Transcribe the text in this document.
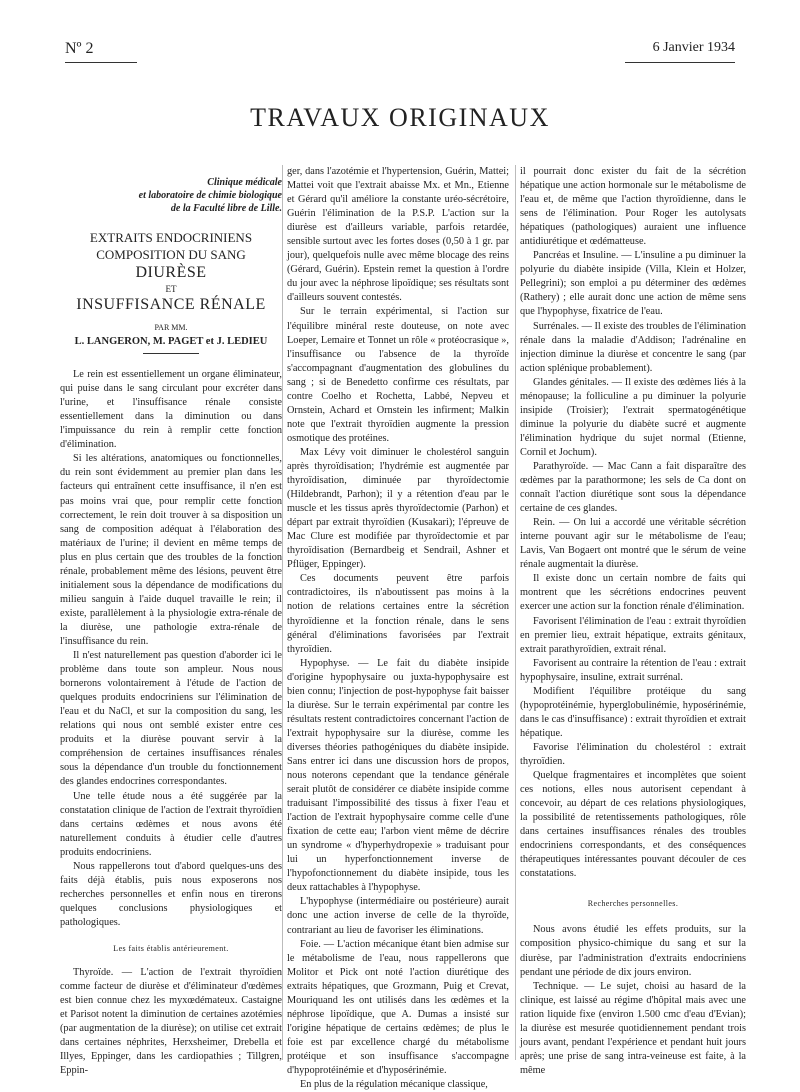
Nº 2	6 Janvier 1934
TRAVAUX ORIGINAUX

Clinique médicale
et laboratoire de chimie biologique
de la Faculté libre de Lille.

EXTRAITS ENDOCRINIENS

COMPOSITION DU SANG

DIURÈSE

ET

INSUFFISANCE RÉNALE

PAR MM.

L. LANGERON, M. PAGET et J. LEDIEU

Le rein est essentiellement un organe éliminateur, qui puise dans le sang circulant pour excréter dans l'urine, et l'insuffisance rénale consiste essentiellement dans la diminution ou dans l'impuissance du rein à remplir cette fonction d'élimination.

Si les altérations, anatomiques ou fonctionnelles, du rein sont évidemment au premier plan dans les facteurs qui entraînent cette insuffisance, il n'en est pas moins vrai que, pour remplir cette fonction correctement, le rein doit trouver à sa disposition un sang de composition adéquat à l'élaboration des matériaux de l'urine; il devient en même temps de plus en plus certain que des troubles de la fonction rénale, probablement même des lésions, peuvent être initialement sous la dépendance de modifications du milieu sanguin à l'aide duquel travaille le rein; il existe, parallèlement à la physiologie extra-rénale de la diurèse, une pathologie extra-rénale de l'insuffisance du rein.

Il n'est naturellement pas question d'aborder ici le problème dans toute son ampleur. Nous nous bornerons volontairement à l'étude de l'action de quelques produits endocriniens sur l'élimination de l'eau et du NaCl, et sur la composition du sang, les relations qui nous ont semblé exister entre ces produits et la diurèse pouvant servir à la compréhension de certaines insuffisances rénales sous la dépendance d'un trouble du fonctionnement des glandes endocrines correspondantes.

Une telle étude nous a été suggérée par la constatation clinique de l'action de l'extrait thyroïdien dans certains œdèmes et nous avons été naturellement conduits à étudier celle d'autres produits endocriniens.

Nous rappellerons tout d'abord quelques-uns des faits déjà établis, puis nous exposerons nos recherches personnelles et enfin nous en tirerons quelques conclusions physiologiques et pathologiques.

Les faits établis antérieurement.

Thyroïde. — L'action de l'extrait thyroïdien comme facteur de diurèse et d'éliminateur d'œdèmes est bien connue chez les myxœdémateux. Castaigne et Parisot notent la diminution de certaines azotémies (par augmentation de la diurèse); on utilise cet extrait dans certaines néphrites, Herxsheimer, Drebella et Illyes, Eppinger, dans les cardiopathies ; Tillgren, Eppin-

ger, dans l'azotémie et l'hypertension, Guérin, Mattei; Mattei voit que l'extrait abaisse Mx. et Mn., Etienne et Gérard qu'il améliore la constante uréo-sécrétoire, Guérin l'élimination de la P.S.P. L'action sur la diurèse est d'ailleurs variable, parfois retardée, sensible surtout avec les fortes doses (0,50 à 1 gr. par jour), quelquefois nulle avec même blocage des reins (Gérard, Guérin). Epstein remet la question à l'ordre du jour avec la néphrose lipoïdique; ses résultats sont d'ailleurs souvent contestés.

Sur le terrain expérimental, si l'action sur l'équilibre minéral reste douteuse, on note avec Loeper, Lemaire et Tonnet un rôle « protéocrasique », l'insuffisance ou l'absence de la thyroïde s'accompagnant d'augmentation des globulines du sang ; si de Benedetto confirme ces résultats, par contre Coelho et Rochetta, Labbé, Nepveu et Ornstein, Achard et Ornstein les infirment; Malkin note que l'extrait thyroïdien augmente la pression osmotique des protéines.

Max Lévy voit diminuer le cholestérol sanguin après thyroïdisation; l'hydrémie est augmentée par thyroïdisation, diminuée par thyroïdectomie (Hildebrandt, Parhon); il y a rétention d'eau par le muscle et les tissus après thyroïdectomie (Parhon) et départ par extrait thyroïdien (Kusakari); l'épreuve de Mac Clure est modifiée par thyroïdectomie et par thyroïdisation (Bernardbeig et Sendrail, Ashner et Pflüger, Eppinger).

Ces documents peuvent être parfois contradictoires, ils n'aboutissent pas moins à la notion de relations certaines entre la sécrétion thyroïdienne et la fonction rénale, dans le sens général d'éliminations favorisées par l'extrait thyroïdien.

Hypophyse. — Le fait du diabète insipide d'origine hypophysaire ou juxta-hypophysaire est bien connu; l'injection de post-hypophyse fait baisser la diurèse. Sur le terrain expérimental par contre les résultats restent contradictoires concernant l'action de l'extrait hypophysaire sur la diurèse, comme les diverses théories pathogéniques du diabète insipide. Sans entrer ici dans une discussion hors de propos, nous noterons cependant que la tendance générale serait plutôt de considérer ce diabète insipide comme traduisant l'impossibilité des tissus à fixer l'eau et l'action de l'extrait hypophysaire comme celle d'une fixation de cette eau; l'arbon vient même de décrire un syndrome « d'hyperhydropexie » traduisant pour lui un hyperfonctionnement inverse de l'hypofonctionnement du diabète insipide, tous les deux rattachables à l'hypophyse.

L'hypophyse (intermédiaire ou postérieure) aurait donc une action inverse de celle de la thyroïde, contrariant au lieu de favoriser les éliminations.

Foie. — L'action mécanique étant bien admise sur le métabolisme de l'eau, nous rappellerons que Molitor et Pick ont noté l'action diurétique des extraits hépatiques, que Grozmann, Puig et Crevat, Mouriquand les ont utilisés dans les œdèmes et la néphrose lipoïdique, que A. Dumas a insisté sur l'origine hépatique de certains œdèmes; de plus le foie est par excellence chargé du métabolisme protéique et son insuffisance s'accompagne d'hypoprotéinémie et d'hyposérinémie.

En plus de la régulation mécanique classique,

il pourrait donc exister du fait de la sécrétion hépatique une action hormonale sur le métabolisme de l'eau et, de même que l'action thyroïdienne, dans le sens de l'élimination. Pour Roger les autolysats hépatiques (pathologiques) auraient une influence antidiurétique et œdématteuse.

Pancréas et Insuline. — L'insuline a pu diminuer la polyurie du diabète insipide (Villa, Klein et Holzer, Pellegrini); son emploi a pu déterminer des œdèmes (Rathery) ; elle aurait donc une action de même sens que l'hypophyse, fixatrice de l'eau.

Surrénales. — Il existe des troubles de l'élimination rénale dans la maladie d'Addison; l'adrénaline en injection diminue la diurèse et concentre le sang (par action splénique probablement).

Glandes génitales. — Il existe des œdèmes liés à la ménopause; la folliculine a pu diminuer la polyurie insipide (Troisier); l'extrait spermatogénétique diminue la polyurie du diabète sucré et augmente l'élimination hydrique du sujet normal (Etienne, Cornil et Jochum).

Parathyroïde. — Mac Cann a fait disparaître des œdèmes par la parathormone; les sels de Ca dont on connaît l'action diurétique sont sous la dépendance certaine de ces glandes.

Rein. — On lui a accordé une véritable sécrétion interne pouvant agir sur le métabolisme de l'eau; Lavis, Van Bogaert ont montré que le sérum de veine rénale augmentait la diurèse.

Il existe donc un certain nombre de faits qui montrent que les sécrétions endocrines peuvent exercer une action sur la fonction rénale d'élimination.

Favorisent l'élimination de l'eau : extrait thyroïdien en premier lieu, extrait hépatique, extraits génitaux, extrait parathyroïdien, extrait rénal.

Favorisent au contraire la rétention de l'eau : extrait hypophysaire, insuline, extrait surrénal.

Modifient l'équilibre protéique du sang (hypoprotéinémie, hyperglobulinémie, hyposérinémie, dans le cas d'insuffisance) : extrait thyroïdien et extrait hépatique.

Favorise l'élimination du cholestérol : extrait thyroïdien.

Quelque fragmentaires et incomplètes que soient ces notions, elles nous autorisent cependant à concevoir, au départ de ces relations physiologiques, la possibilité de retentissements pathologiques, rôle dans certaines insuffisances rénales des troubles endocriniens correspondants, et des conséquences thérapeutiques intéressantes pouvant découler de ces constatations.

Recherches personnelles.

Nous avons étudié les effets produits, sur la composition physico-chimique du sang et sur la diurèse, par l'administration d'extraits endocriniens pendant une période de dix jours environ.

Technique. — Le sujet, choisi au hasard de la clinique, est laissé au régime d'hôpital mais avec une ration liquide fixe (environ 1.500 cmc d'eau d'Evian); la diurèse est mesurée quotidiennement pendant trois jours avant, pendant l'expérience et pendant huit jours après; une prise de sang intra-veineuse est faite, à la même
